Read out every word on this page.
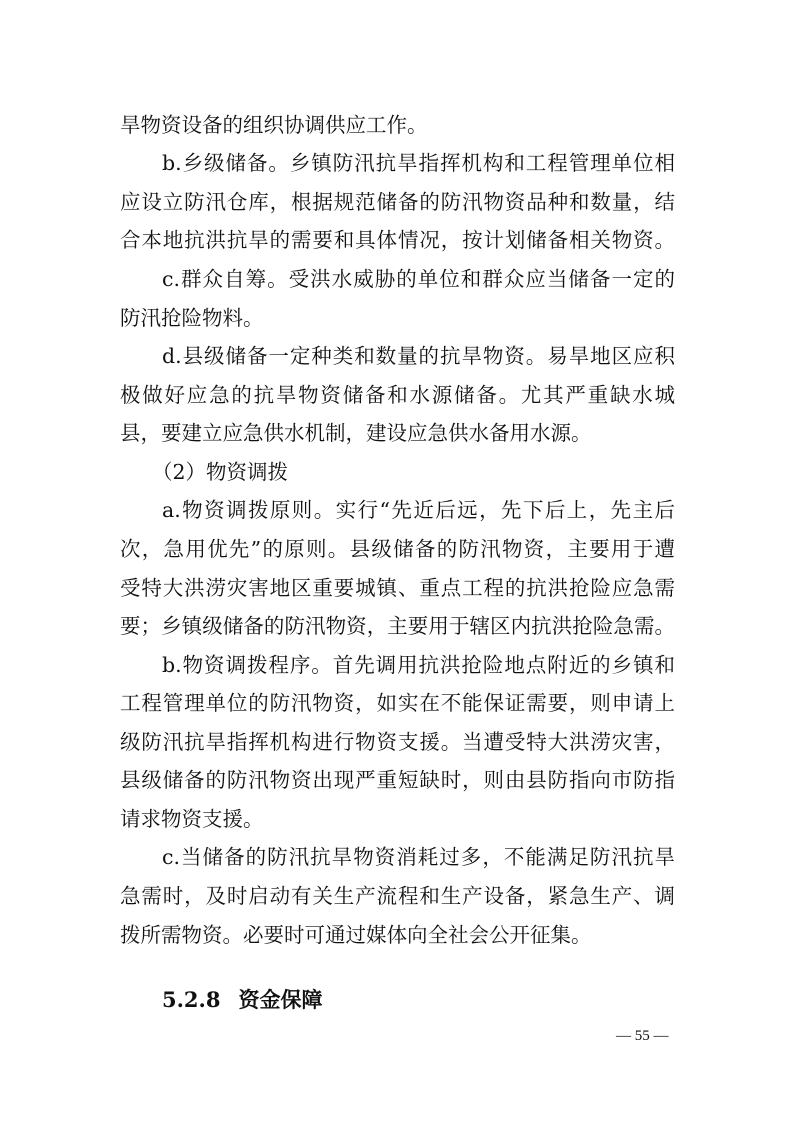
旱物资设备的组织协调供应工作。
b.乡级储备。乡镇防汛抗旱指挥机构和工程管理单位相
应设立防汛仓库，根据规范储备的防汛物资品种和数量，结
合本地抗洪抗旱的需要和具体情况，按计划储备相关物资。
c.群众自筹。受洪水威胁的单位和群众应当储备一定的
防汛抢险物料。
d.县级储备一定种类和数量的抗旱物资。易旱地区应积
极做好应急的抗旱物资储备和水源储备。尤其严重缺水城
县，要建立应急供水机制，建设应急供水备用水源。
（2）物资调拨
a.物资调拨原则。实行“先近后远，先下后上，先主后
次，急用优先”的原则。县级储备的防汛物资，主要用于遭
受特大洪涝灾害地区重要城镇、重点工程的抗洪抢险应急需
要；乡镇级储备的防汛物资，主要用于辖区内抗洪抢险急需。
b.物资调拨程序。首先调用抗洪抢险地点附近的乡镇和
工程管理单位的防汛物资，如实在不能保证需要，则申请上
级防汛抗旱指挥机构进行物资支援。当遭受特大洪涝灾害，
县级储备的防汛物资出现严重短缺时，则由县防指向市防指
请求物资支援。
c.当储备的防汛抗旱物资消耗过多，不能满足防汛抗旱
急需时，及时启动有关生产流程和生产设备，紧急生产、调
拨所需物资。必要时可通过媒体向全社会公开征集。
5.2.8 资金保障
— 55 —
